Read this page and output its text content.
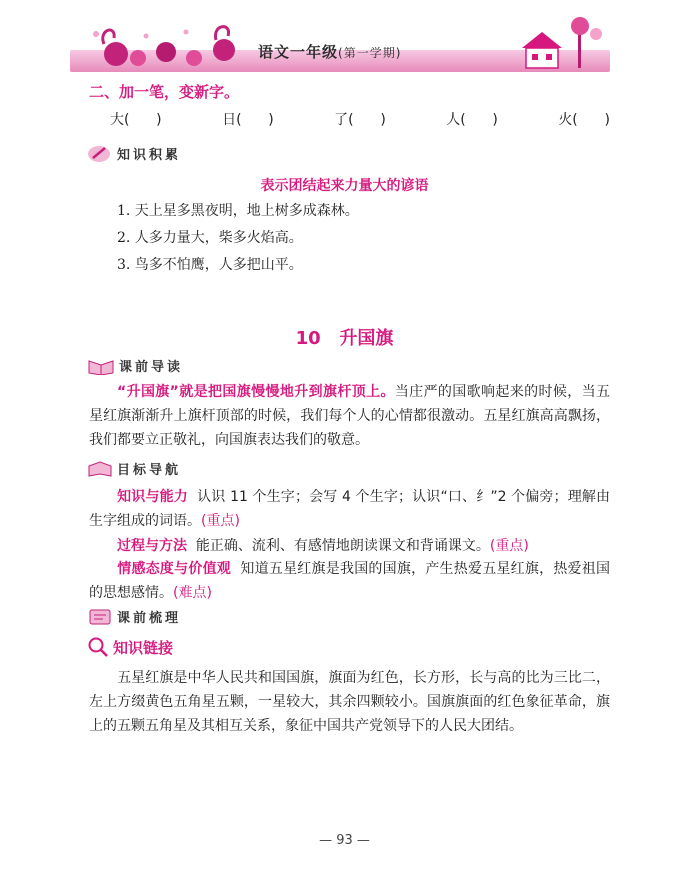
语文一年级(第一学期)
二、加一笔，变新字。
大( )	日( )	了( )	人( )	火( )
知识积累
表示团结起来力量大的谚语
1. 天上星多黑夜明，地上树多成森林。
2. 人多力量大，柴多火焰高。
3. 鸟多不怕鹰，人多把山平。
10 升国旗
课前导读
“升国旗”就是把国旗慢慢地升到旗杆顶上。当庄严的国歌响起来的时候，当五星红旗渐渐升上旗杆顶部的时候，我们每个人的心情都很激动。五星红旗高高飘扬，我们都要立正敬礼，向国旗表达我们的敬意。
目标导航
知识与能力 认识 11 个生字；会写 4 个生字；认识“口、纟”2 个偏旁；理解由生字组成的词语。(重点)
过程与方法 能正确、流利、有感情地朗读课文和背诵课文。(重点)
情感态度与价值观 知道五星红旗是我国的国旗，产生热爱五星红旗，热爱祖国的思想感情。(难点)
课前梳理
知识链接
五星红旗是中华人民共和国国旗，旗面为红色，长方形，长与高的比为三比二，左上方缀黄色五角星五颗，一星较大，其余四颗较小。国旗旗面的红色象征革命，旗上的五颗五角星及其相互关系，象征中国共产党领导下的人民大团结。
— 93 —
